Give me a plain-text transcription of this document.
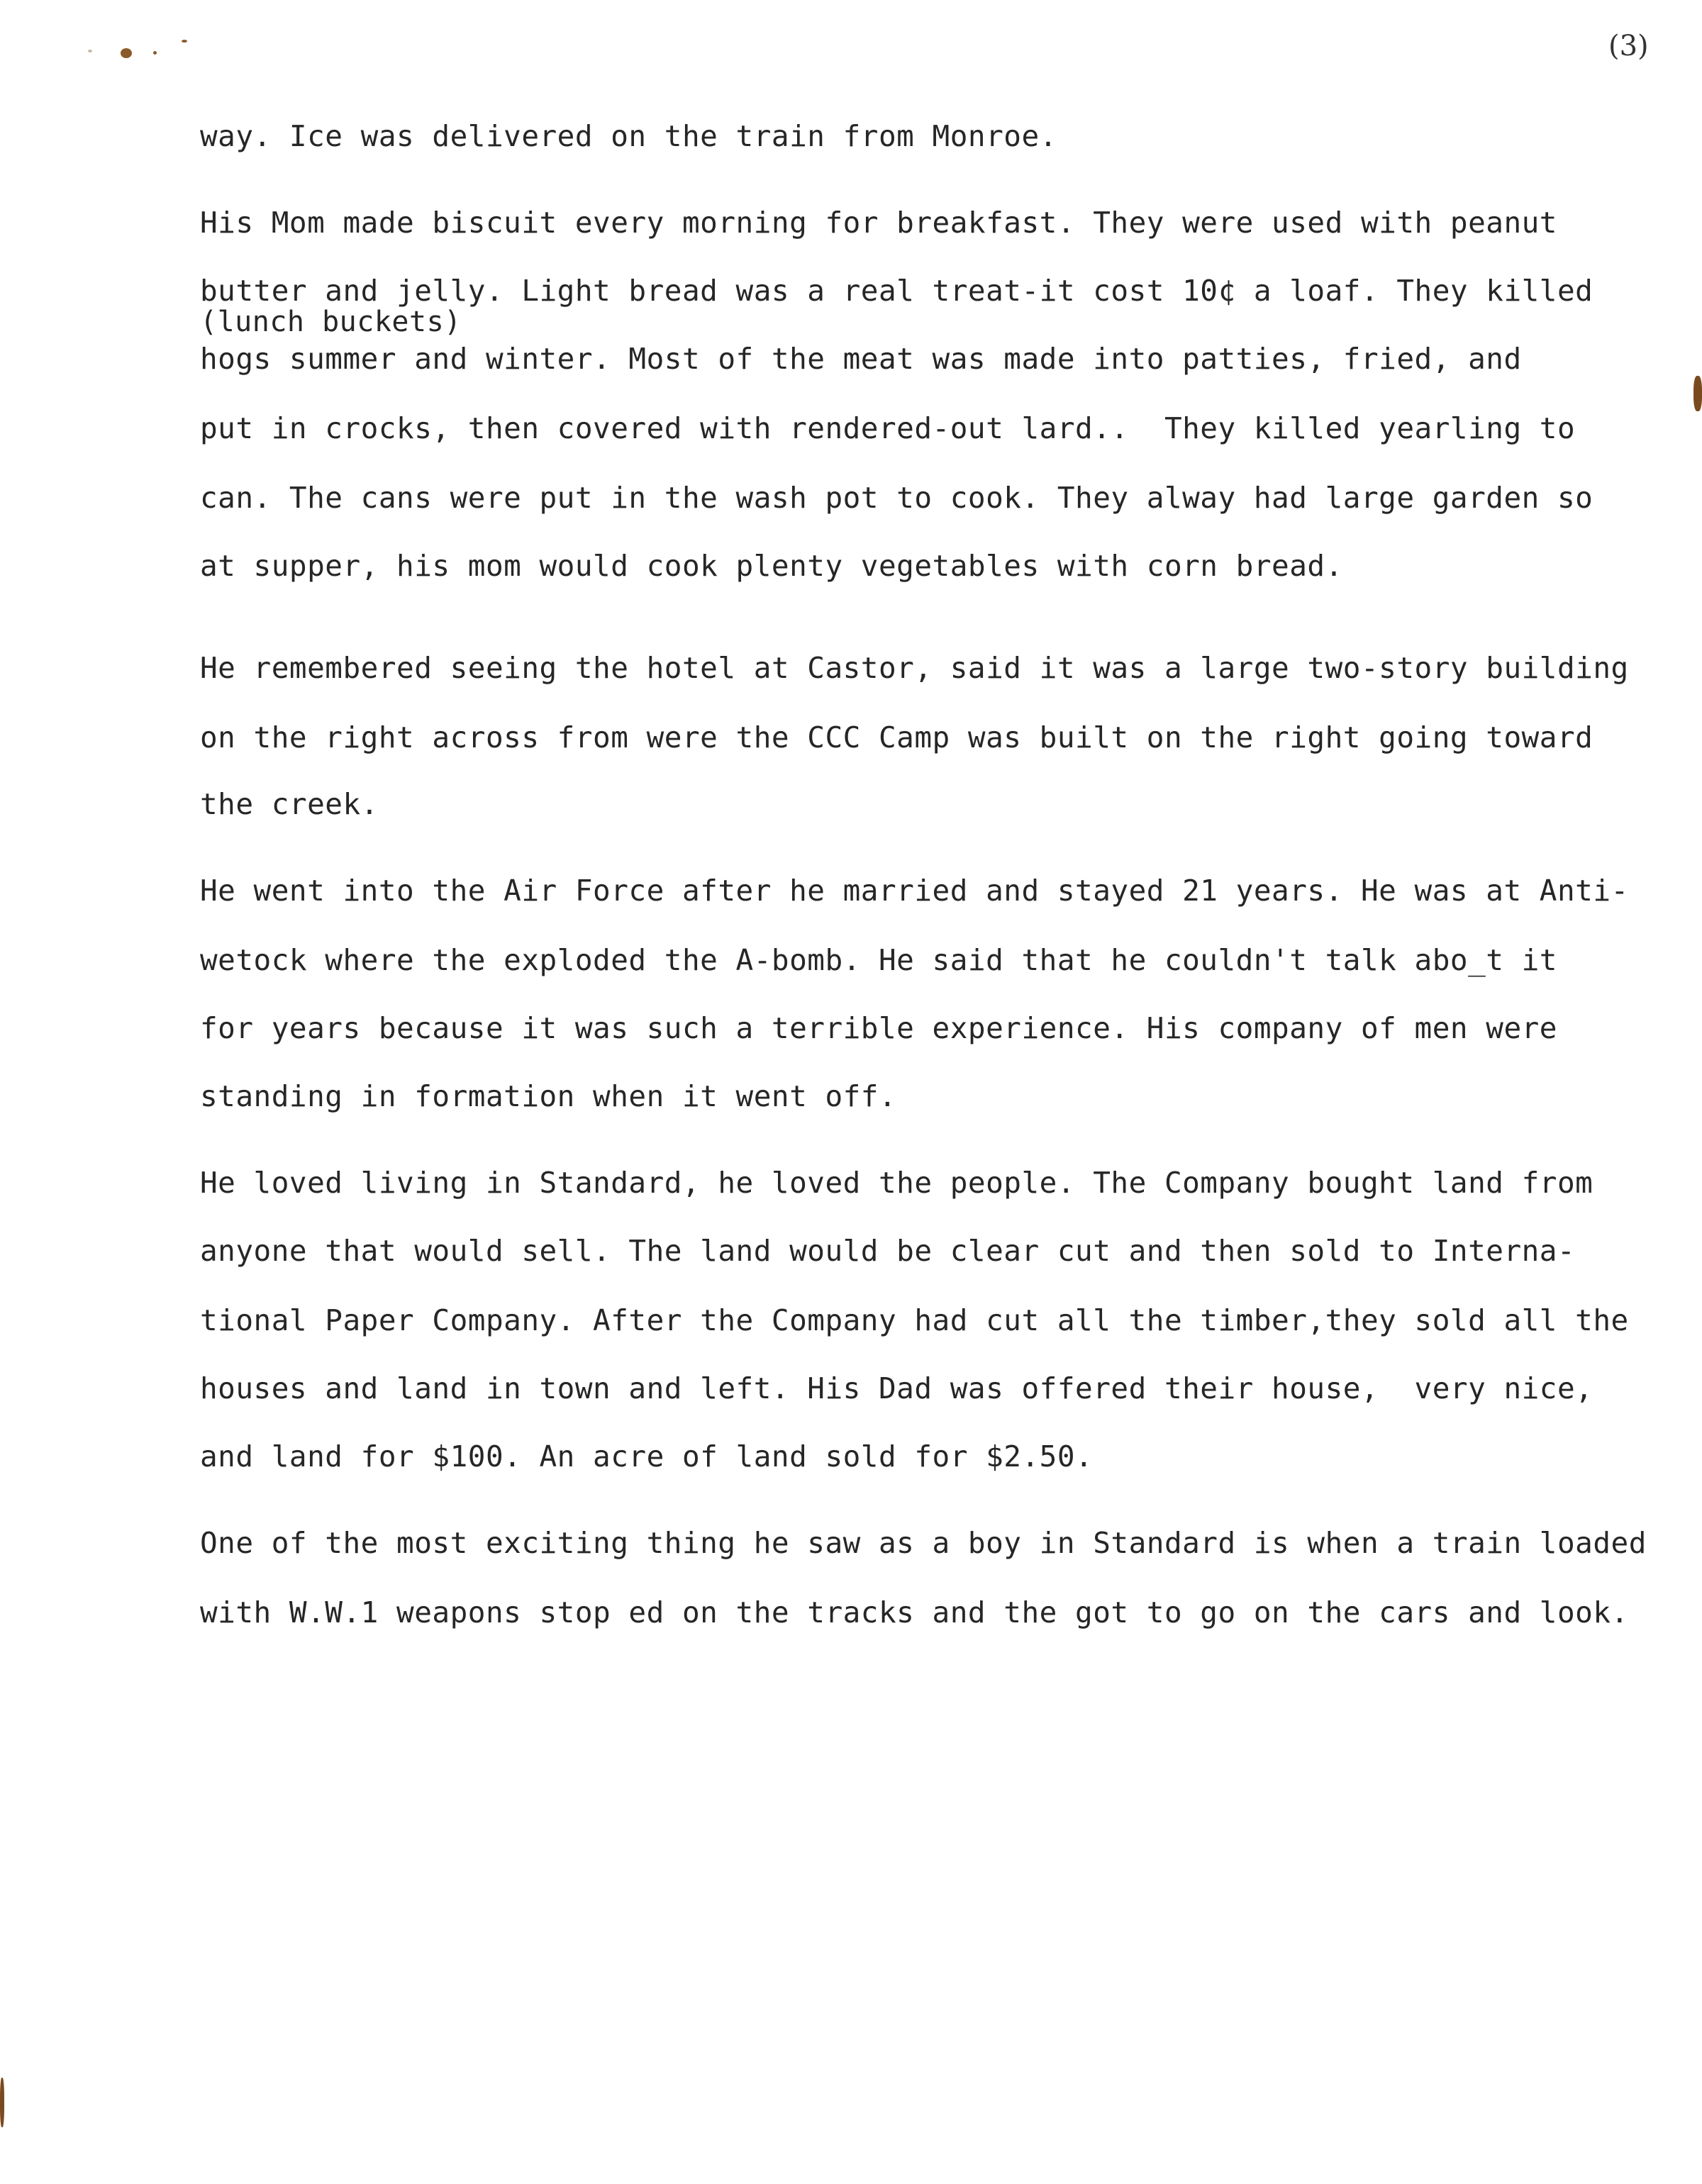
(3)
way. Ice was delivered on the train from Monroe.
His Mom made biscuit every morning for breakfast. They were used with peanut
butter and jelly. Light bread was a real treat-it cost 10¢ a loaf. They killed
(lunch buckets)
hogs summer and winter. Most of the meat was made into patties, fried, and
put in crocks, then covered with rendered-out lard..  They killed yearling to
can. The cans were put in the wash pot to cook. They alway had large garden so
at supper, his mom would cook plenty vegetables with corn bread.
He remembered seeing the hotel at Castor, said it was a large two-story building
on the right across from were the CCC Camp was built on the right going toward
the creek.
He went into the Air Force after he married and stayed 21 years. He was at Anti-
wetock where the exploded the A-bomb. He said that he couldn't talk abo_t it
for years because it was such a terrible experience. His company of men were
standing in formation when it went off.
He loved living in Standard, he loved the people. The Company bought land from
anyone that would sell. The land would be clear cut and then sold to Interna-
tional Paper Company. After the Company had cut all the timber,they sold all the
houses and land in town and left. His Dad was offered their house,  very nice,
and land for $100. An acre of land sold for $2.50.
One of the most exciting thing he saw as a boy in Standard is when a train loaded
with W.W.1 weapons stop ed on the tracks and the got to go on the cars and look.
